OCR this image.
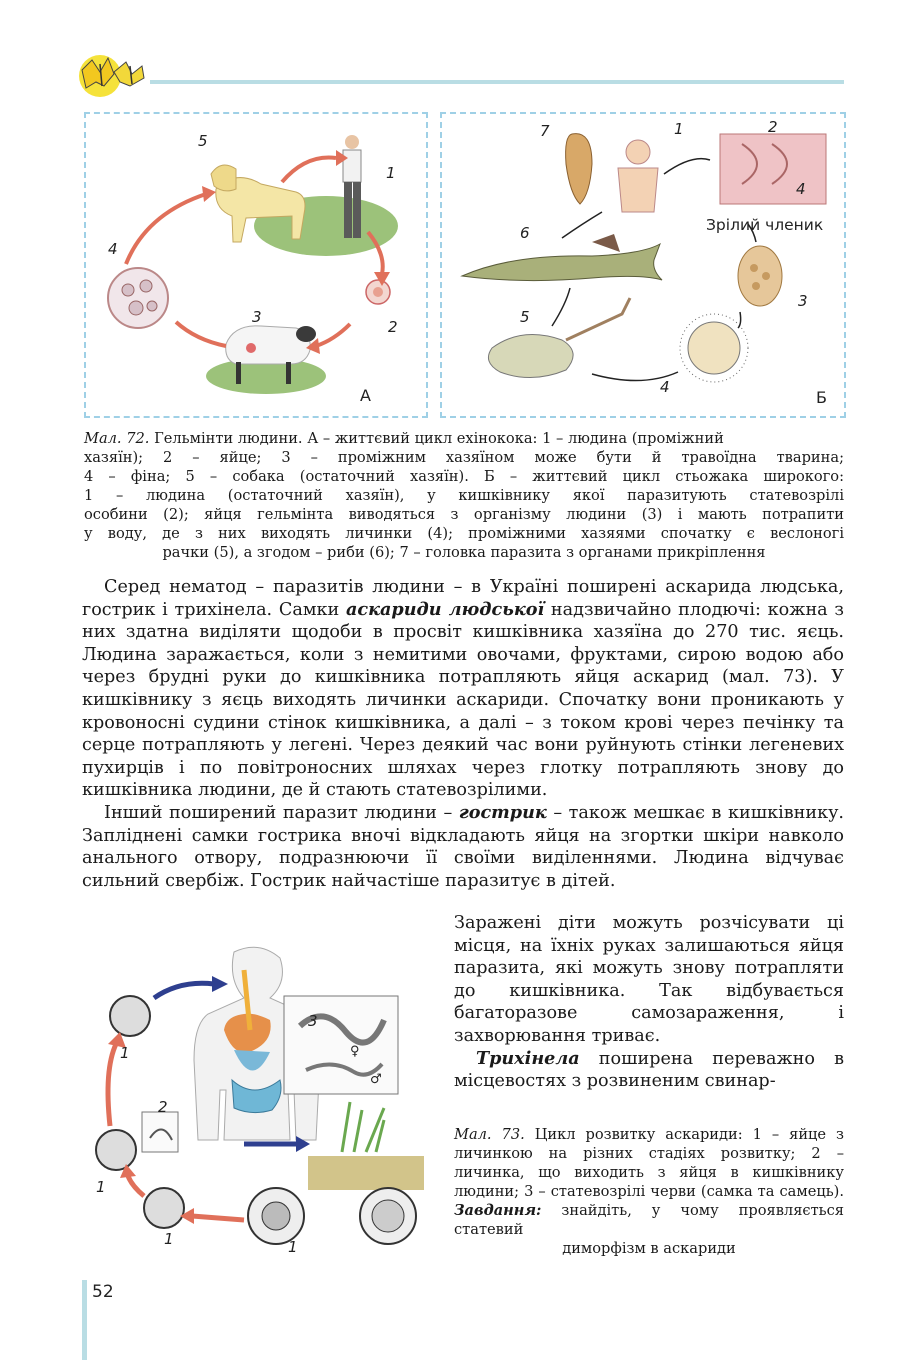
5
1
4
3
2
А
7	1	2
4
Зрілий членик
6
3
5
4
Б
Мал. 72. Гельмінти людини. А – життєвий цикл ехінокока: 1 – людина (проміжний
хазяїн); 2 – яйце; 3 – проміжним хазяїном може бути й травоїдна тварина;
4 – фіна; 5 – собака (остаточний хазяїн). Б – життєвий цикл стьожака широкого:
1 – людина (остаточний хазяїн), у кишківнику якої паразитують статевозрілі
особини (2); яйця гельмінта виводяться з організму людини (3) і мають потрапити
у воду, де з них виходять личинки (4); проміжними хазяями спочатку є веслоногі
рачки (5), а згодом – риби (6); 7 – головка паразита з органами прикріплення

Серед нематод – паразитів людини – в Україні поширені аскарида людська, гострик і трихінела. Самки аскариди людської надзвичайно плодючі: кожна з них здатна виділяти щодоби в просвіт кишківника хазяїна до 270 тис. яєць. Людина заражається, коли з немитими овочами, фруктами, сирою водою або через брудні руки до кишківника потрапляють яйця аскарид (мал. 73). У кишківнику з яєць виходять личинки аскариди. Спочатку вони проникають у кровоносні судини стінок кишківника, а далі – з током крові через печінку та серце потрапляють у легені. Через деякий час вони руйнують стінки легеневих пухирців і по повітроносних шляхах через глотку потрапляють знову до кишківника людини, де й стають статевозрілими.

Інший поширений паразит людини – гострик – також мешкає в кишківнику. Запліднені самки гострика вночі відкладають яйця на згортки шкіри навколо анального отвору, подразнюючи її своїми виділеннями. Людина відчуває сильний свербіж. Гострик найчастіше паразитує в дітей.

Заражені діти можуть розчісувати ці місця, на їхніх руках залишаються яйця паразита, які можуть знову потрапляти до кишківника. Так відбувається багаторазове самозараження, і захворювання триває.

Трихінела поширена переважно в місцевостях з розвиненим свинар-

1
2
3
♀
♂
1
1	1
Мал. 73. Цикл розвитку аскариди: 1 – яйце з личинкою на різних стадіях розвитку; 2 – личинка, що виходить з яйця в кишківнику людини; 3 – статевозрілі черви (самка та самець). Завдання: знайдіть, у чому проявляється статевий
диморфізм в аскариди
52
